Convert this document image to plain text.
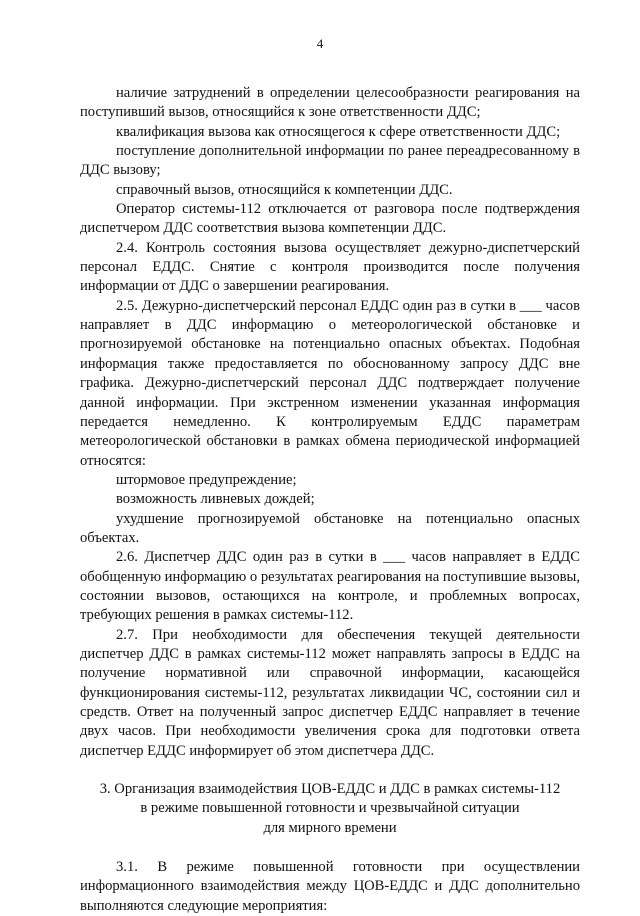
4

наличие затруднений в определении целесообразности реагирования на поступивший вызов, относящийся к зоне ответственности ДДС;

квалификация вызова как относящегося к сфере ответственности ДДС;

поступление дополнительной информации по ранее переадресованному в ДДС вызову;

справочный вызов, относящийся к компетенции ДДС.

Оператор системы-112 отключается от разговора после подтверждения диспетчером ДДС соответствия вызова компетенции ДДС.

2.4. Контроль состояния вызова осуществляет дежурно-диспетчерский персонал ЕДДС. Снятие с контроля производится после получения информации от ДДС о завершении реагирования.

2.5. Дежурно-диспетчерский персонал ЕДДС один раз в сутки в ___ часов направляет в ДДС информацию о метеорологической обстановке и прогнозируемой обстановке на потенциально опасных объектах. Подобная информация также предоставляется по обоснованному запросу ДДС вне графика. Дежурно-диспетчерский персонал ДДС подтверждает получение данной информации. При экстренном изменении указанная информация передается немедленно. К контролируемым ЕДДС параметрам метеорологической обстановки в рамках обмена периодической информацией относятся:

штормовое предупреждение;

возможность ливневых дождей;

ухудшение прогнозируемой обстановке на потенциально опасных объектах.

2.6. Диспетчер ДДС один раз в сутки в ___ часов направляет в ЕДДС обобщенную информацию о результатах реагирования на поступившие вызовы, состоянии вызовов, остающихся на контроле, и проблемных вопросах, требующих решения в рамках системы-112.

2.7. При необходимости для обеспечения текущей деятельности диспетчер ДДС в рамках системы-112 может направлять запросы в ЕДДС на получение нормативной или справочной информации, касающейся функционирования системы-112, результатах ликвидации ЧС, состоянии сил и средств. Ответ на полученный запрос диспетчер ЕДДС направляет в течение двух часов. При необходимости увеличения срока для подготовки ответа диспетчер ЕДДС информирует об этом диспетчера ДДС.

3. Организация взаимодействия ЦОВ-ЕДДС и ДДС в рамках системы-112
в режиме повышенной готовности и чрезвычайной ситуации
для мирного времени

3.1. В режиме повышенной готовности при осуществлении информационного взаимодействия между ЦОВ-ЕДДС и ДДС дополнительно выполняются следующие мероприятия:
